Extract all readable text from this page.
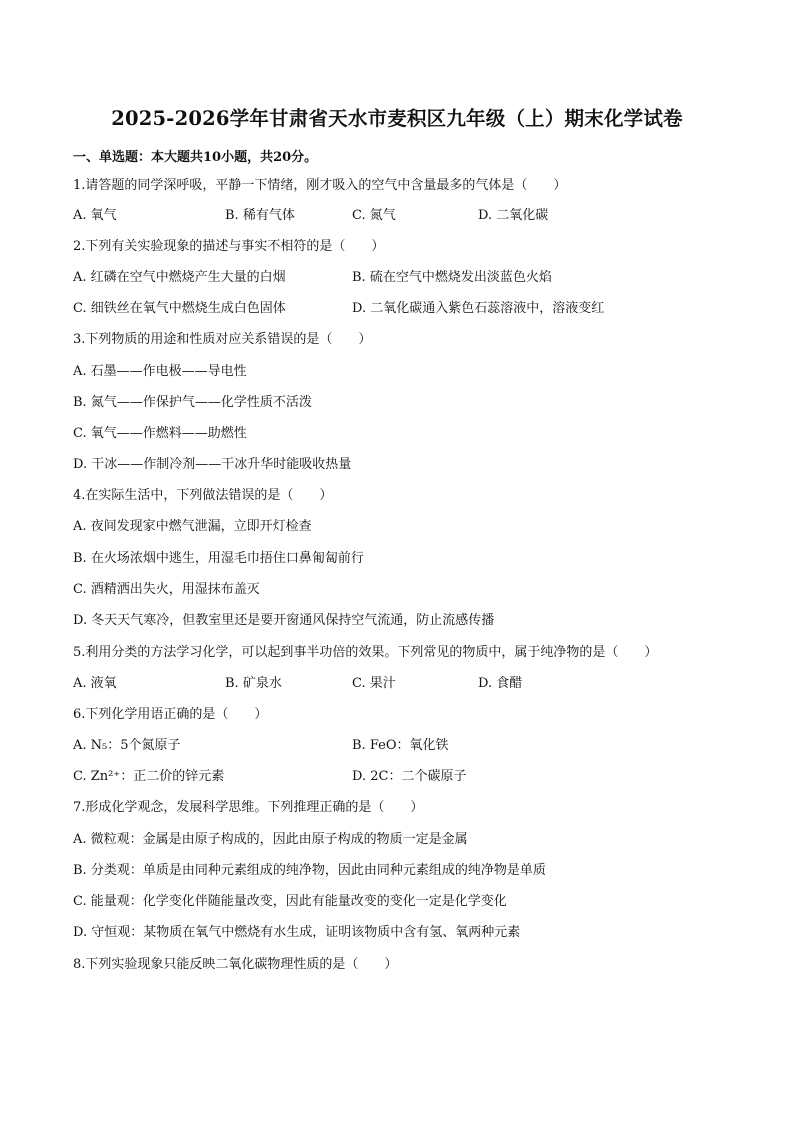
2025-2026学年甘肃省天水市麦积区九年级（上）期末化学试卷
一、单选题：本大题共10小题，共20分。
1.请答题的同学深呼吸，平静一下情绪，刚才吸入的空气中含量最多的气体是（　　）
A. 氧气	B. 稀有气体	C. 氮气	D. 二氧化碳
2.下列有关实验现象的描述与事实不相符的是（　　）
A. 红磷在空气中燃烧产生大量的白烟	B. 硫在空气中燃烧发出淡蓝色火焰
C. 细铁丝在氧气中燃烧生成白色固体	D. 二氧化碳通入紫色石蕊溶液中，溶液变红
3.下列物质的用途和性质对应关系错误的是（　　）
A. 石墨——作电极——导电性
B. 氮气——作保护气——化学性质不活泼
C. 氧气——作燃料——助燃性
D. 干冰——作制冷剂——干冰升华时能吸收热量
4.在实际生活中，下列做法错误的是（　　）
A. 夜间发现家中燃气泄漏，立即开灯检查
B. 在火场浓烟中逃生，用湿毛巾捂住口鼻匍匐前行
C. 酒精洒出失火，用湿抹布盖灭
D. 冬天天气寒冷，但教室里还是要开窗通风保持空气流通，防止流感传播
5.利用分类的方法学习化学，可以起到事半功倍的效果。下列常见的物质中，属于纯净物的是（　　）
A. 液氧	B. 矿泉水	C. 果汁	D. 食醋
6.下列化学用语正确的是（　　）
A. N₅：5个氮原子	B. FeO：氧化铁
C. Zn²⁺：正二价的锌元素	D. 2C：二个碳原子
7.形成化学观念，发展科学思维。下列推理正确的是（　　）
A. 微粒观：金属是由原子构成的，因此由原子构成的物质一定是金属
B. 分类观：单质是由同种元素组成的纯净物，因此由同种元素组成的纯净物是单质
C. 能量观：化学变化伴随能量改变，因此有能量改变的变化一定是化学变化
D. 守恒观：某物质在氧气中燃烧有水生成，证明该物质中含有氢、氧两种元素
8.下列实验现象只能反映二氧化碳物理性质的是（　　）
